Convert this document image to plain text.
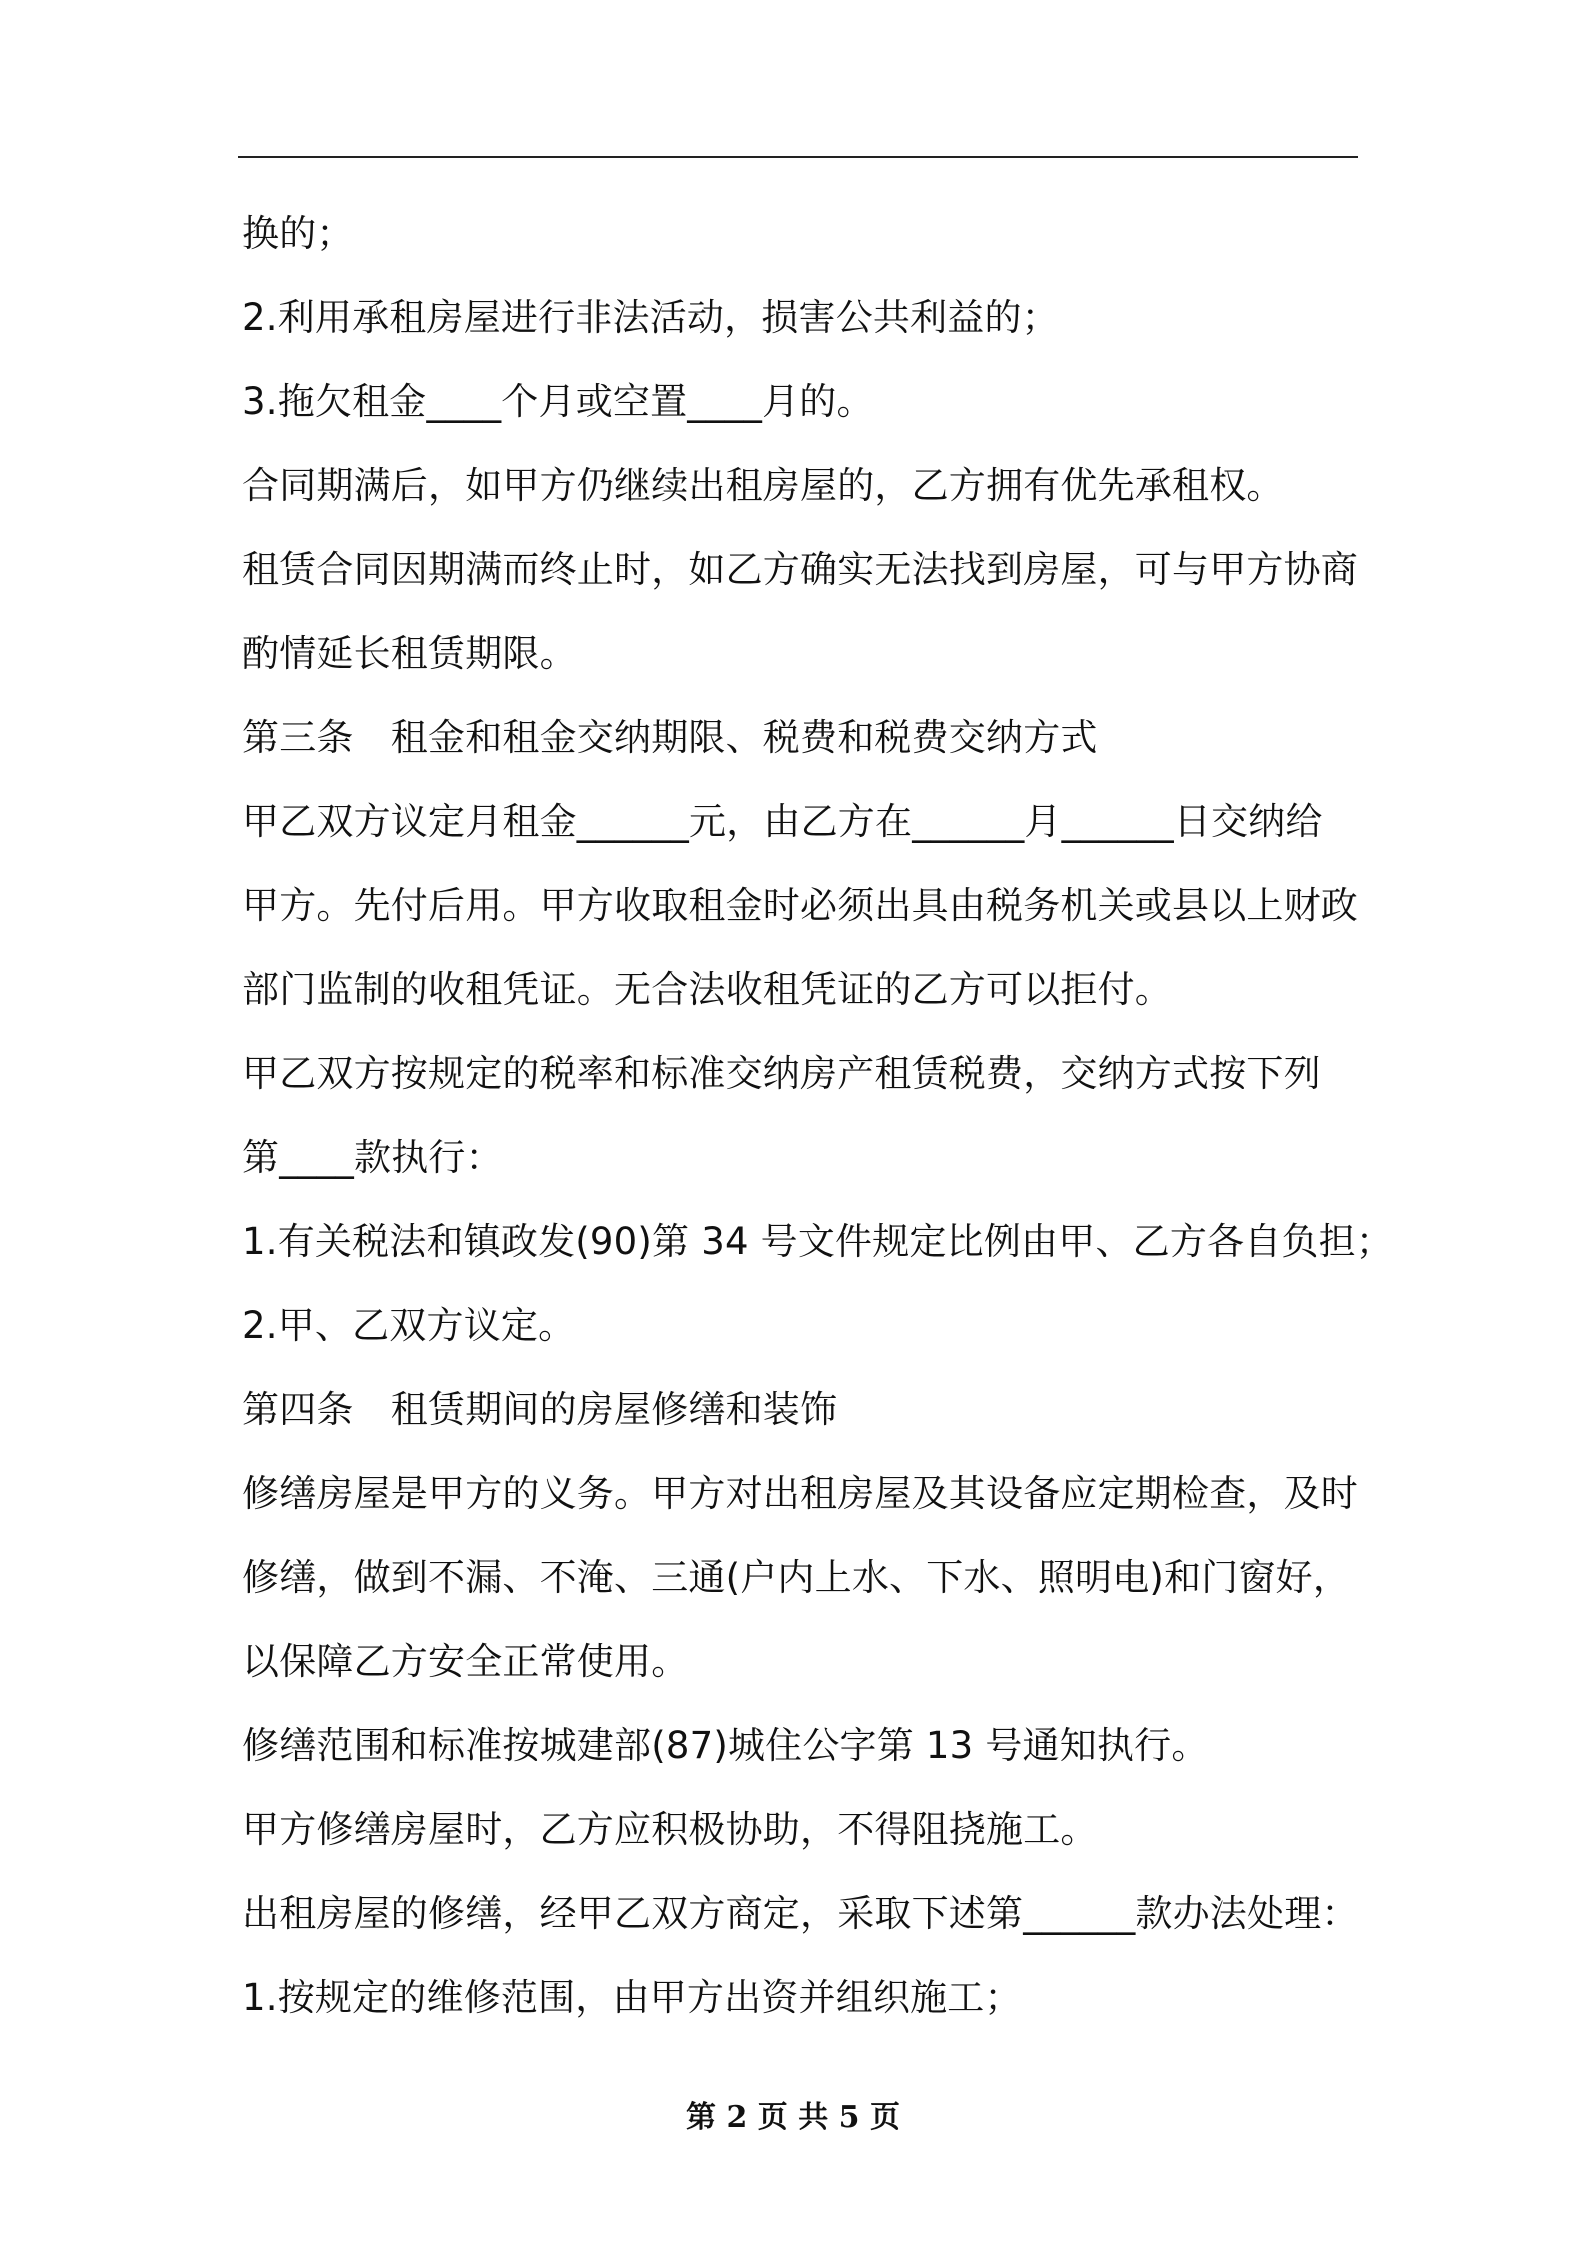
换的；
2.利用承租房屋进行非法活动，损害公共利益的；
3.拖欠租金____个月或空置____月的。
合同期满后，如甲方仍继续出租房屋的，乙方拥有优先承租权。
租赁合同因期满而终止时，如乙方确实无法找到房屋，可与甲方协商
酌情延长租赁期限。
第三条　租金和租金交纳期限、税费和税费交纳方式
甲乙双方议定月租金______元，由乙方在______月______日交纳给
甲方。先付后用。甲方收取租金时必须出具由税务机关或县以上财政
部门监制的收租凭证。无合法收租凭证的乙方可以拒付。
甲乙双方按规定的税率和标准交纳房产租赁税费，交纳方式按下列
第____款执行：
1.有关税法和镇政发(90)第 34 号文件规定比例由甲、乙方各自负担；
2.甲、乙双方议定。
第四条　租赁期间的房屋修缮和装饰
修缮房屋是甲方的义务。甲方对出租房屋及其设备应定期检查，及时
修缮，做到不漏、不淹、三通(户内上水、下水、照明电)和门窗好，
以保障乙方安全正常使用。
修缮范围和标准按城建部(87)城住公字第 13 号通知执行。
甲方修缮房屋时，乙方应积极协助，不得阻挠施工。
出租房屋的修缮，经甲乙双方商定，采取下述第______款办法处理：
1.按规定的维修范围，由甲方出资并组织施工；
第 2 页 共 5 页
